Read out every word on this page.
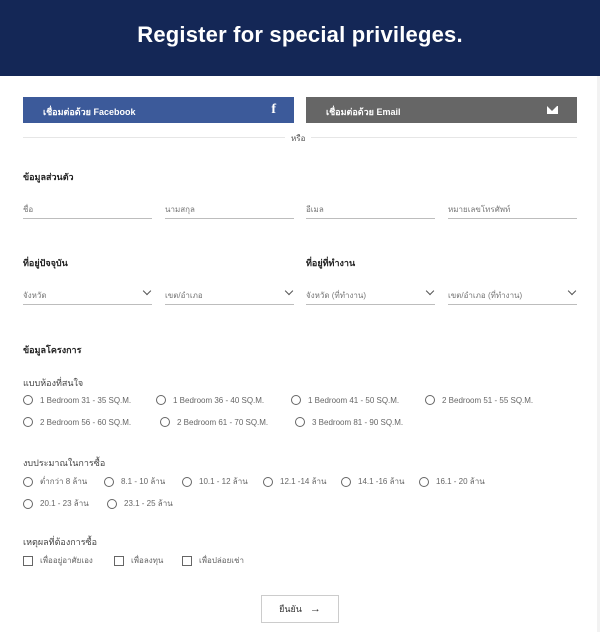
Register for special privileges.
เชื่อมต่อด้วย Facebook	f	เชื่อมต่อด้วย Email
หรือ
ข้อมูลส่วนตัว
ชื่อ	นามสกุล	อีเมล	หมายเลขโทรศัพท์
ที่อยู่ปัจจุบัน	ที่อยู่ที่ทำงาน
จังหวัด	เขต/อำเภอ	จังหวัด (ที่ทำงาน)	เขต/อำเภอ (ที่ทำงาน)
ข้อมูลโครงการ
แบบห้องที่สนใจ
1 Bedroom 31 - 35 SQ.M.	1 Bedroom 36 - 40 SQ.M.	1 Bedroom 41 - 50 SQ.M.	2 Bedroom 51 - 55 SQ.M.
2 Bedroom 56 - 60 SQ.M.	2 Bedroom 61 - 70 SQ.M.	3 Bedroom 81 - 90 SQ.M.
งบประมาณในการซื้อ
ต่ำกว่า 8 ล้าน	8.1 - 10 ล้าน	10.1 - 12 ล้าน	12.1 -14 ล้าน	14.1 -16 ล้าน	16.1 - 20 ล้าน
20.1 - 23 ล้าน	23.1 - 25 ล้าน
เหตุผลที่ต้องการซื้อ
เพื่ออยู่อาศัยเอง	เพื่อลงทุน	เพื่อปล่อยเช่า
ยืนยัน →
